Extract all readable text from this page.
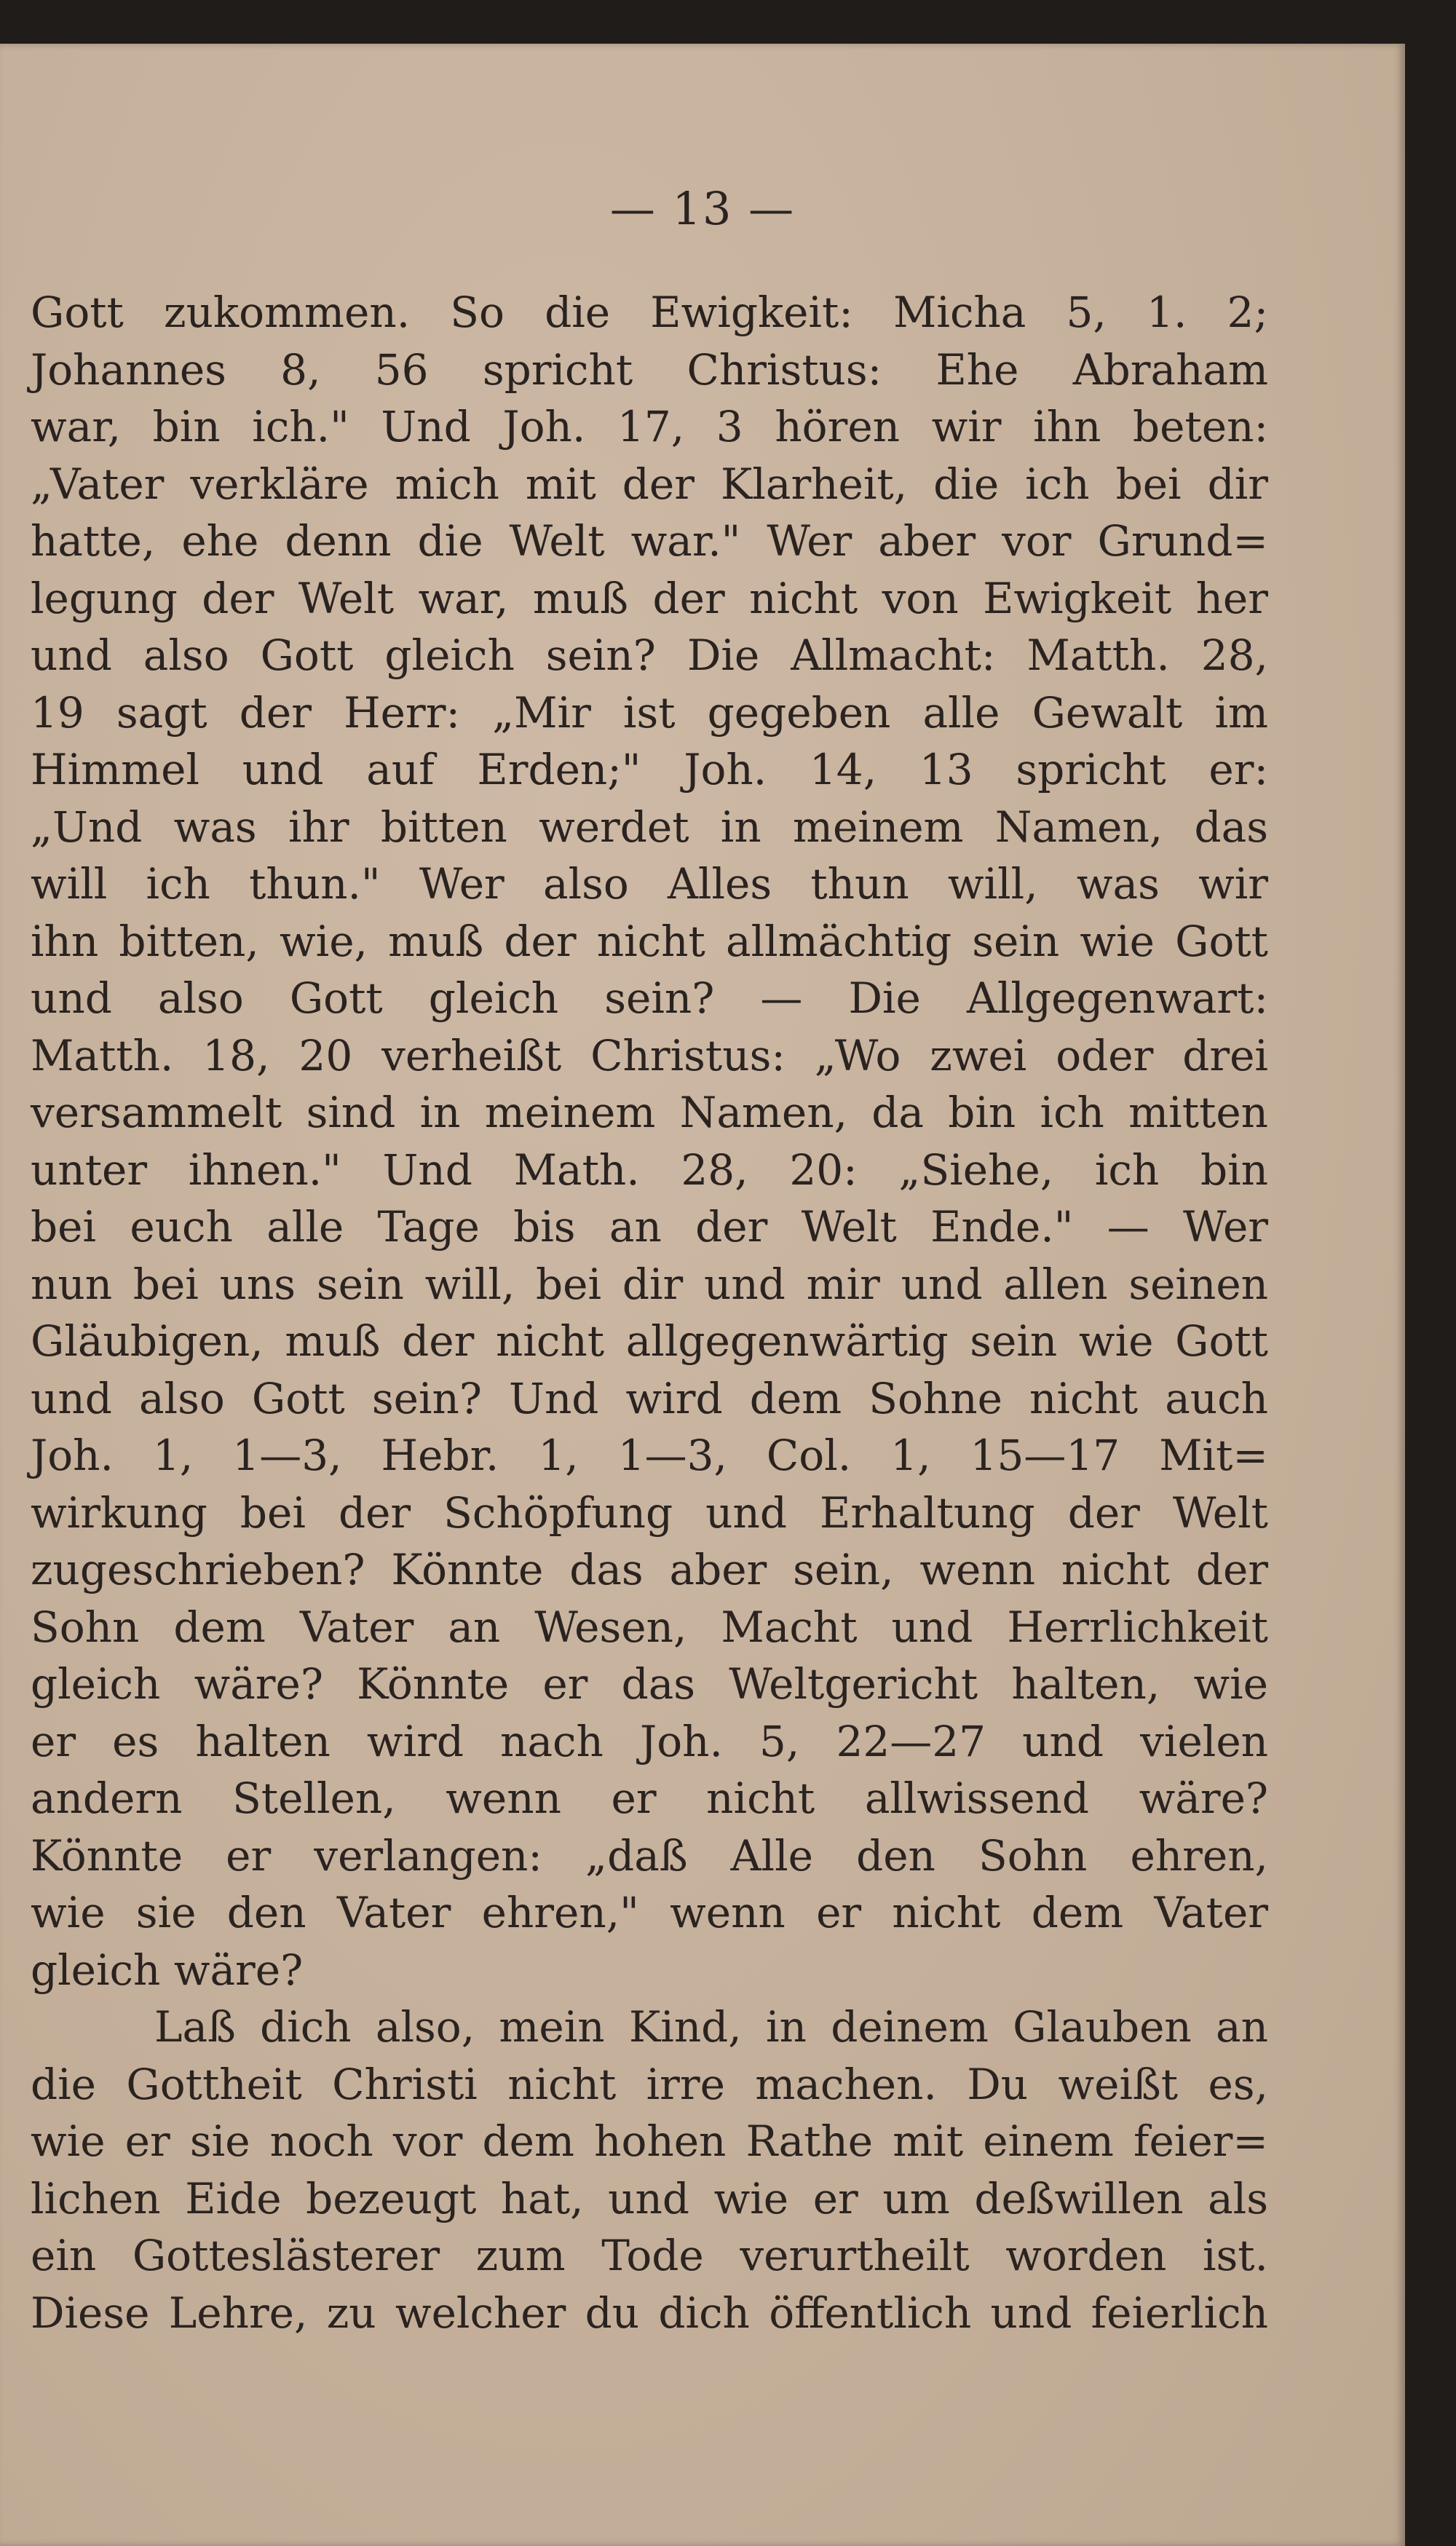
— 13 —
Gott zukommen. So die Ewigkeit: Micha 5, 1. 2;
Johannes 8, 56 spricht Christus: Ehe Abraham
war, bin ich." Und Joh. 17, 3 hören wir ihn beten:
„Vater verkläre mich mit der Klarheit, die ich bei dir
hatte, ehe denn die Welt war." Wer aber vor Grund=
legung der Welt war, muß der nicht von Ewigkeit her
und also Gott gleich sein? Die Allmacht: Matth. 28,
19 sagt der Herr: „Mir ist gegeben alle Gewalt im
Himmel und auf Erden;" Joh. 14, 13 spricht er:
„Und was ihr bitten werdet in meinem Namen, das
will ich thun." Wer also Alles thun will, was wir
ihn bitten, wie, muß der nicht allmächtig sein wie Gott
und also Gott gleich sein? — Die Allgegenwart:
Matth. 18, 20 verheißt Christus: „Wo zwei oder drei
versammelt sind in meinem Namen, da bin ich mitten
unter ihnen." Und Math. 28, 20: „Siehe, ich bin
bei euch alle Tage bis an der Welt Ende." — Wer
nun bei uns sein will, bei dir und mir und allen seinen
Gläubigen, muß der nicht allgegenwärtig sein wie Gott
und also Gott sein? Und wird dem Sohne nicht auch
Joh. 1, 1—3, Hebr. 1, 1—3, Col. 1, 15—17 Mit=
wirkung bei der Schöpfung und Erhaltung der Welt
zugeschrieben? Könnte das aber sein, wenn nicht der
Sohn dem Vater an Wesen, Macht und Herrlichkeit
gleich wäre? Könnte er das Weltgericht halten, wie
er es halten wird nach Joh. 5, 22—27 und vielen
andern Stellen, wenn er nicht allwissend wäre?
Könnte er verlangen: „daß Alle den Sohn ehren,
wie sie den Vater ehren," wenn er nicht dem Vater
gleich wäre?
Laß dich also, mein Kind, in deinem Glauben an
die Gottheit Christi nicht irre machen. Du weißt es,
wie er sie noch vor dem hohen Rathe mit einem feier=
lichen Eide bezeugt hat, und wie er um deßwillen als
ein Gotteslästerer zum Tode verurtheilt worden ist.
Diese Lehre, zu welcher du dich öffentlich und feierlich
